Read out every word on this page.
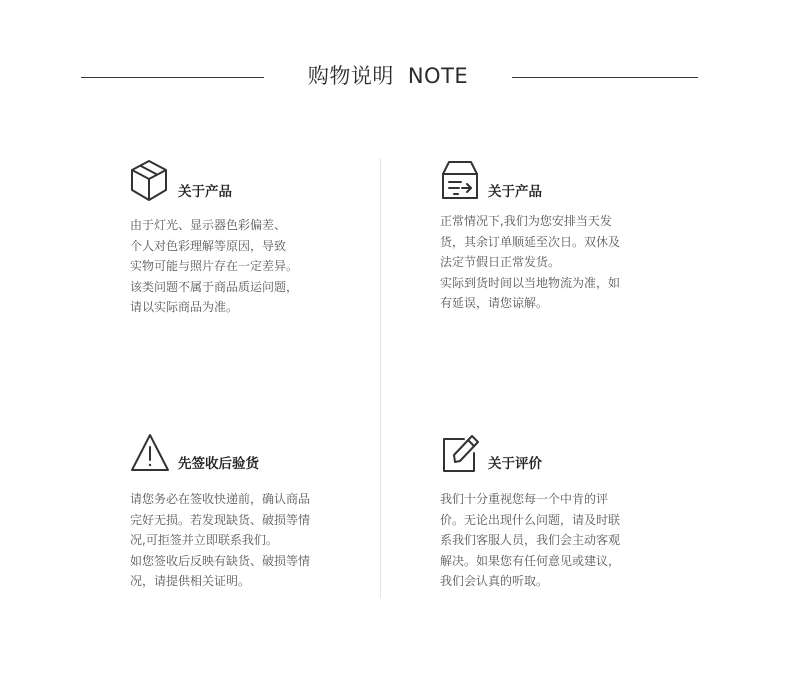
购物说明 NOTE
关于产品
由于灯光、显示器色彩偏差、
个人对色彩理解等原因，导致
实物可能与照片存在一定差异。
该类问题不属于商品质运问题，
请以实际商品为准。
关于产品
正常情况下,我们为您安排当天发
货，其余订单顺延至次日。双休及
法定节假日正常发货。
实际到货时间以当地物流为准，如
有延误，请您谅解。
先签收后验货
请您务必在签收快递前，确认商品
完好无损。若发现缺货、破损等情
况,可拒签并立即联系我们。
如您签收后反映有缺货、破损等情
况，请提供相关证明。
关于评价
我们十分重视您每一个中肯的评
价。无论出现什么问题，请及时联
系我们客服人员，我们会主动客观
解决。如果您有任何意见或建议，
我们会认真的听取。
